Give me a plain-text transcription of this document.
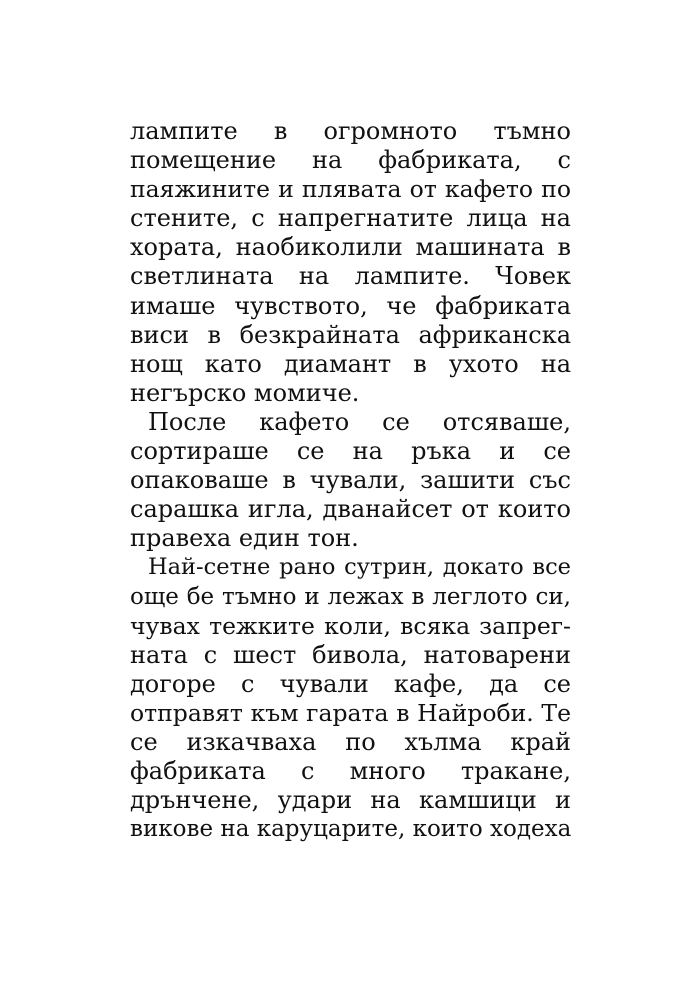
лампите в огромното тъмно
помещение на фабриката, с
паяжините и плявата от кафето по
стените, с напрегнатите лица на
хората, наобиколили машината в
светлината на лампите. Човек
имаше чувството, че фабриката
виси в безкрайната африканска
нощ като диамант в ухото на
негърско момиче.
После кафето се отсяваше,
сортираше се на ръка и се
опаковаше в чували, зашити със
сарашка игла, дванайсет от които
правеха един тон.
Най-сетне рано сутрин, докато все
още бе тъмно и лежах в леглото си,
чувах тежките коли, всяка запрег-
ната с шест бивола, натоварени
догоре с чували кафе, да се
отправят към гарата в Найроби. Те
се изкачваха по хълма край
фабриката с много тракане,
дрънчене, удари на камшици и
викове на каруцарите, които ходеха
